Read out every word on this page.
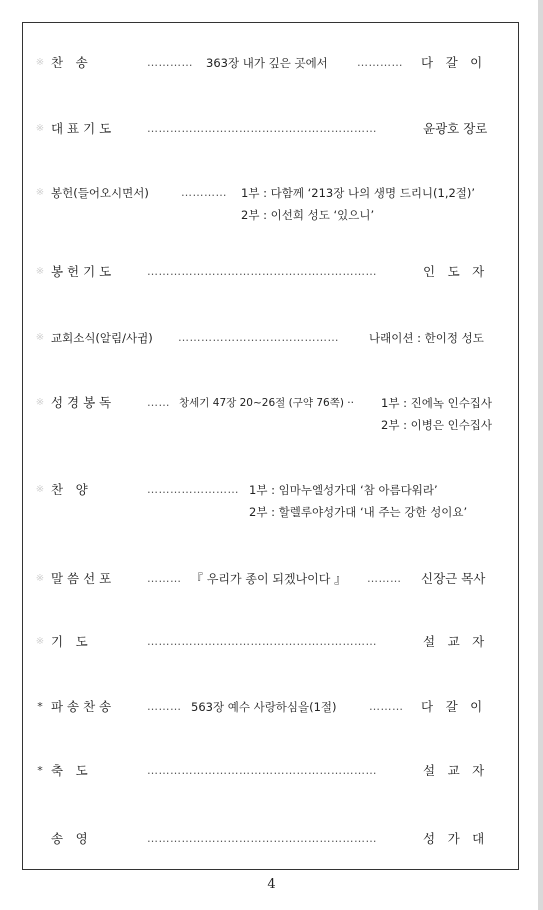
※ 찬　송	…………	363장 내가 깊은 곳에서	…………	다　갈　이
※ 대 표 기 도	……………………………………………………	윤광호 장로
※ 봉헌(들어오시면서)	…………	1부 : 다함께 ‘213장 나의 생명 드리니(1,2절)’
2부 : 이선희 성도 ‘있으니’
※ 봉 헌 기 도	……………………………………………………	인　도　자
※ 교회소식(알림/사귐) ……………………………………	나래이션 : 한이정 성도
※ 성 경 봉 독	…… 창세기 47장 20~26절 (구약 76쪽) ·· 1부 : 진에녹 인수집사
2부 : 이병은 인수집사
※ 찬　양	…………………… 1부 : 임마누엘성가대 ‘참 아름다워라’
2부 : 할렐루야성가대 ‘내 주는 강한 성이요’
※ 말 씀 선 포	……… 『 우리가 종이 되겠나이다 』 ………	신장근 목사
※ 기　도	……………………………………………………	설　교　자
* 파 송 찬 송	……… 563장 예수 사랑하심을(1절)	………	다　갈　이
* 축　도	……………………………………………………	설　교　자
송　영	……………………………………………………	성　가　대
4
